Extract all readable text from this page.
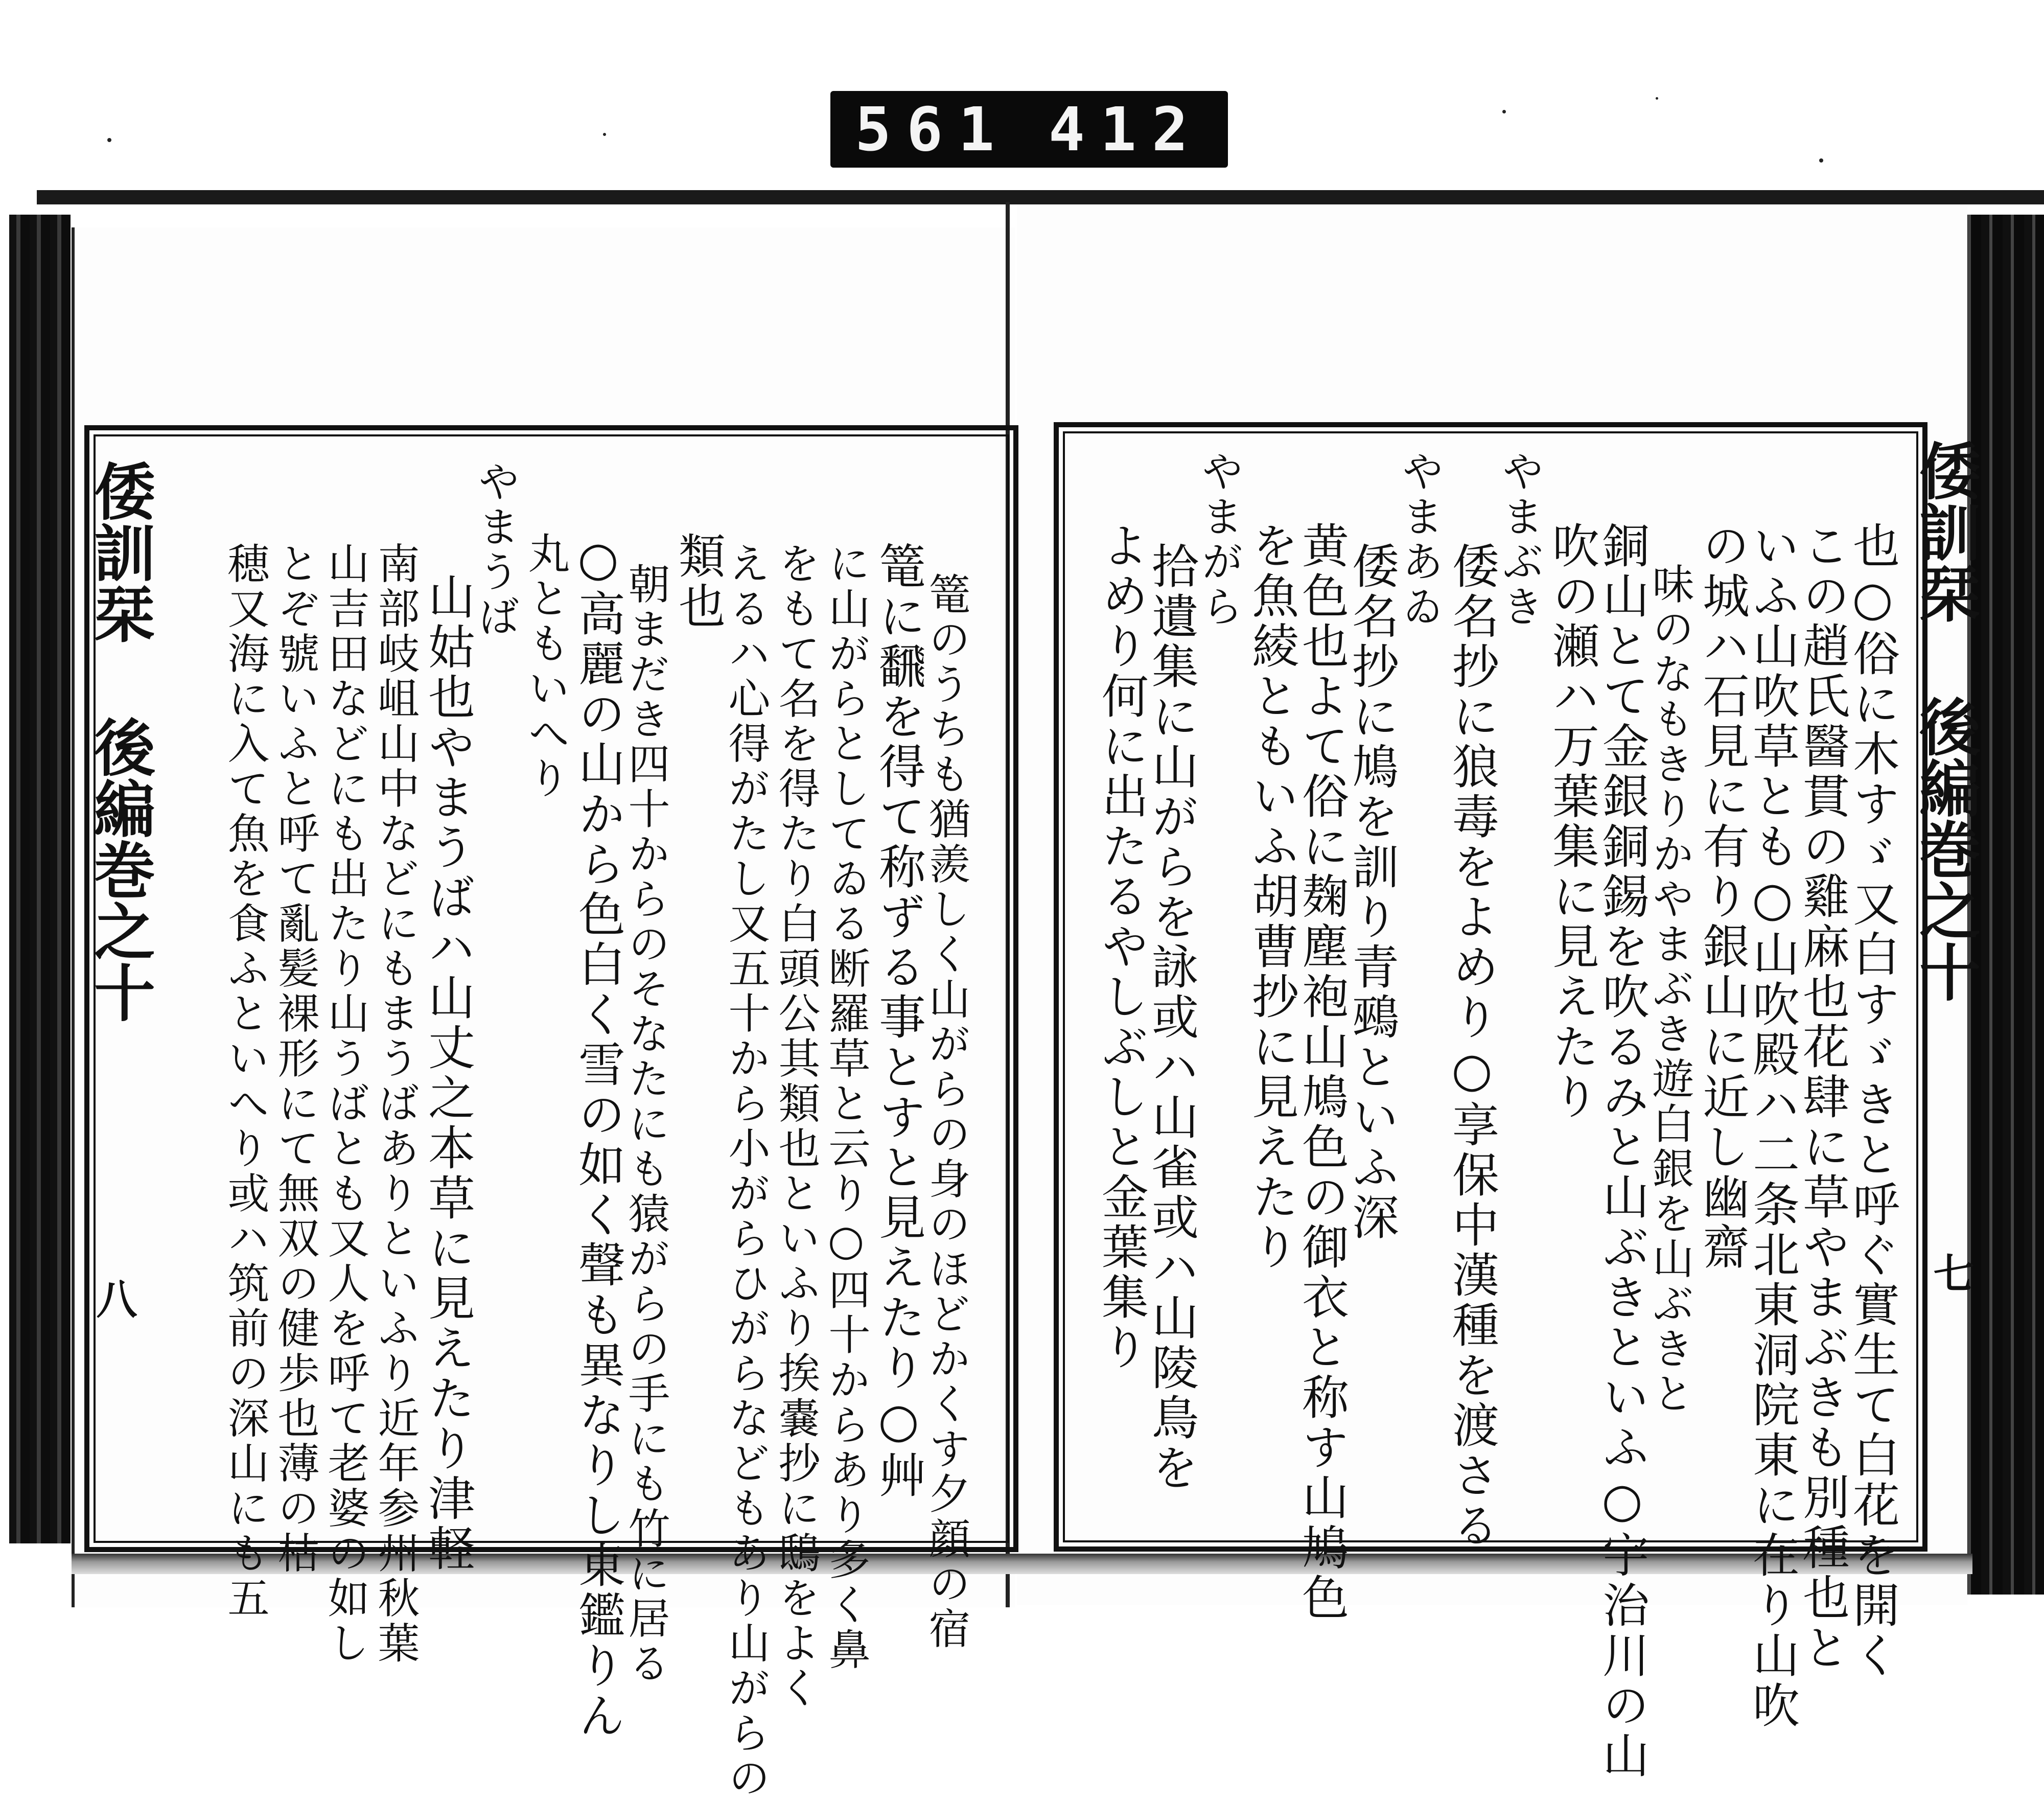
561 412
倭訓栞 後編巻之十	倭訓栞 後編巻之十
八
七
也○俗に木すゞ又白すゞきと呼ぐ實生て白花を開く
この趙氏醫貫の雞麻也花肆に草やまぶきも別種也と
いふ山吹草とも○山吹殿ハ二条北東洞院東に在り山吹
の城ハ石見に有り銀山に近し幽齋
味のなもきりかやまぶき遊白銀を山ぶきと
銅山とて金銀銅錫を吹るみと山ぶきといふ○宇治川の山
吹の瀬ハ万葉集に見えたり
やまぶき
倭名抄に狼毒をよめり○享保中漢種を渡さる
やまあゐ
倭名抄に鳩を訓り青鵐といふ深
黄色也よて俗に麹塵袍山鳩色の御衣と称す山鳩色
を魚綾ともいふ胡曹抄に見えたり
やまがら
拾遺集に山がらを詠或ハ山雀或ハ山陵鳥を
よめり何に出たるやしぶしと金葉集り
篭のうちも猶羨しく山がらの身のほどかくす夕顔の宿
篭に飜を得て称ずる事とすと見えたり○艸
に山がらとしてゐる断羅草と云り○四十からあり多く鼻
をもて名を得たり白頭公其類也といふり挨嚢抄に鴟をよく
えるハ心得がたし又五十から小がらひがらなどもあり山がらの
類也
朝まだき四十からのそなたにも猿がらの手にも竹に居る
○高麗の山から色白く雪の如く聲も異なりし東鑑りん
丸ともいへり
やまうば
山姑也やまうばハ山丈之本草に見えたり津軽
南部岐岨山中などにもまうばありといふり近年参州秋葉
山吉田などにも出たり山うばとも又人を呼て老婆の如し
とぞ號いふと呼て亂髪裸形にて無双の健歩也薄の枯
穂又海に入て魚を食ふといへり或ハ筑前の深山にも五
